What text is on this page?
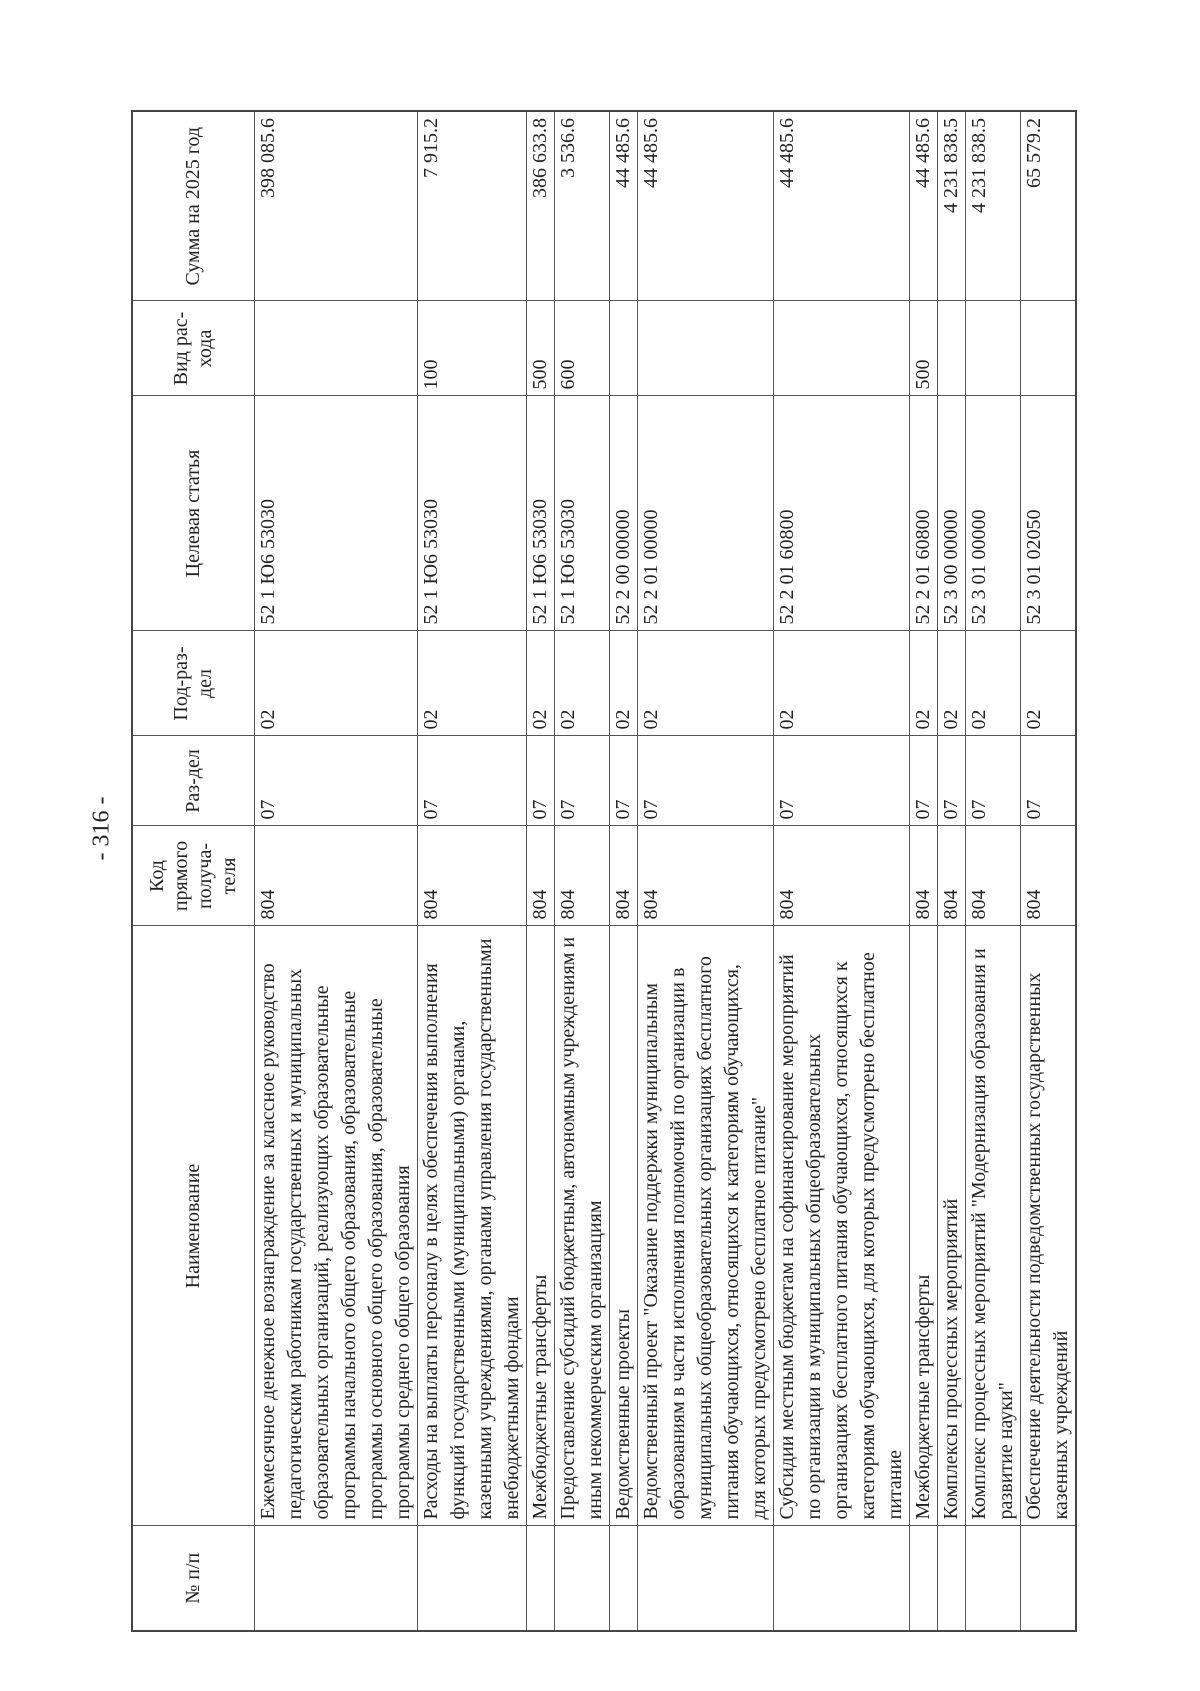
- 316 -
№ п/п	Наименование	Код прямого получа-теля	Раз-дел	Под-раз-дел	Целевая статья	Вид рас-хода	Сумма на 2025 год
	Ежемесячное денежное вознаграждение за классное руководство педагогическим работникам государственных и муниципальных образовательных организаций, реализующих образовательные программы начального общего образования, образовательные программы основного общего образования, образовательные программы среднего общего образования	804	07	02	52 1 Ю6 53030		398 085.6
	Расходы на выплаты персоналу в целях обеспечения выполнения функций государственными (муниципальными) органами, казенными учреждениями, органами управления государственными внебюджетными фондами	804	07	02	52 1 Ю6 53030	100	7 915.2
	Межбюджетные трансферты	804	07	02	52 1 Ю6 53030	500	386 633.8
	Предоставление субсидий бюджетным, автономным учреждениям и иным некоммерческим организациям	804	07	02	52 1 Ю6 53030	600	3 536.6
	Ведомственные проекты	804	07	02	52 2 00 00000		44 485.6
	Ведомственный проект "Оказание поддержки муниципальным образованиям в части исполнения полномочий по организации в муниципальных общеобразовательных организациях бесплатного питания обучающихся, относящихся к категориям обучающихся, для которых предусмотрено бесплатное питание"	804	07	02	52 2 01 00000		44 485.6
	Субсидии местным бюджетам на софинансирование мероприятий по организации в муниципальных общеобразовательных организациях бесплатного питания обучающихся, относящихся к категориям обучающихся, для которых предусмотрено бесплатное питание	804	07	02	52 2 01 60800		44 485.6
	Межбюджетные трансферты	804	07	02	52 2 01 60800	500	44 485.6
	Комплексы процессных мероприятий	804	07	02	52 3 00 00000		4 231 838.5
	Комплекс процессных мероприятий "Модернизация образования и развитие науки"	804	07	02	52 3 01 00000		4 231 838.5
	Обеспечение деятельности подведомственных государственных казенных учреждений	804	07	02	52 3 01 02050		65 579.2
